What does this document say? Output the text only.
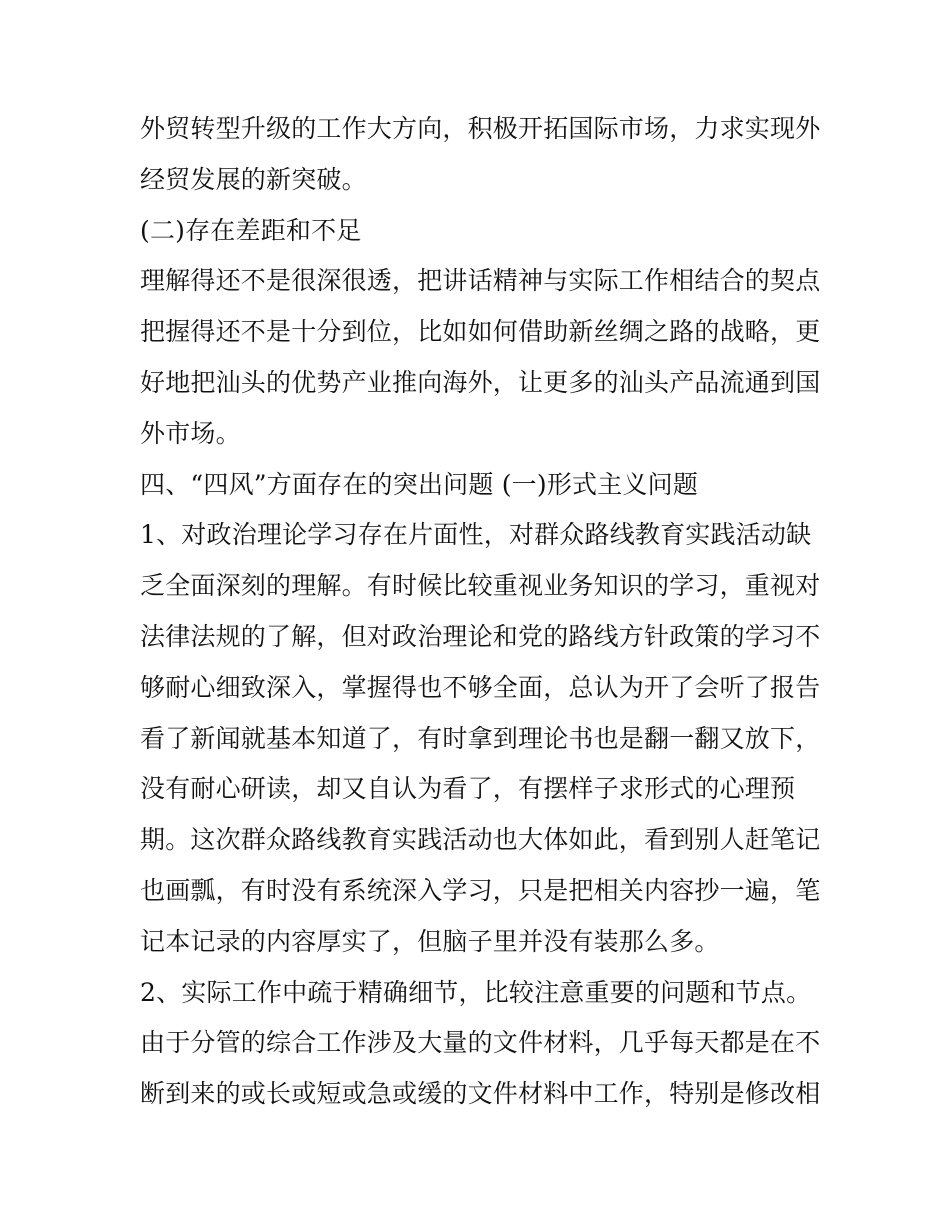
外贸转型升级的工作大方向，积极开拓国际市场，力求实现外
经贸发展的新突破。
(二)存在差距和不足
理解得还不是很深很透，把讲话精神与实际工作相结合的契点
把握得还不是十分到位，比如如何借助新丝绸之路的战略，更
好地把汕头的优势产业推向海外，让更多的汕头产品流通到国
外市场。
四、“四风”方面存在的突出问题 (一)形式主义问题
1、对政治理论学习存在片面性，对群众路线教育实践活动缺
乏全面深刻的理解。有时候比较重视业务知识的学习，重视对
法律法规的了解，但对政治理论和党的路线方针政策的学习不
够耐心细致深入，掌握得也不够全面，总认为开了会听了报告
看了新闻就基本知道了，有时拿到理论书也是翻一翻又放下，
没有耐心研读，却又自认为看了，有摆样子求形式的心理预
期。这次群众路线教育实践活动也大体如此，看到别人赶笔记
也画瓢，有时没有系统深入学习，只是把相关内容抄一遍，笔
记本记录的内容厚实了，但脑子里并没有装那么多。
2、实际工作中疏于精确细节，比较注意重要的问题和节点。
由于分管的综合工作涉及大量的文件材料，几乎每天都是在不
断到来的或长或短或急或缓的文件材料中工作，特别是修改相
